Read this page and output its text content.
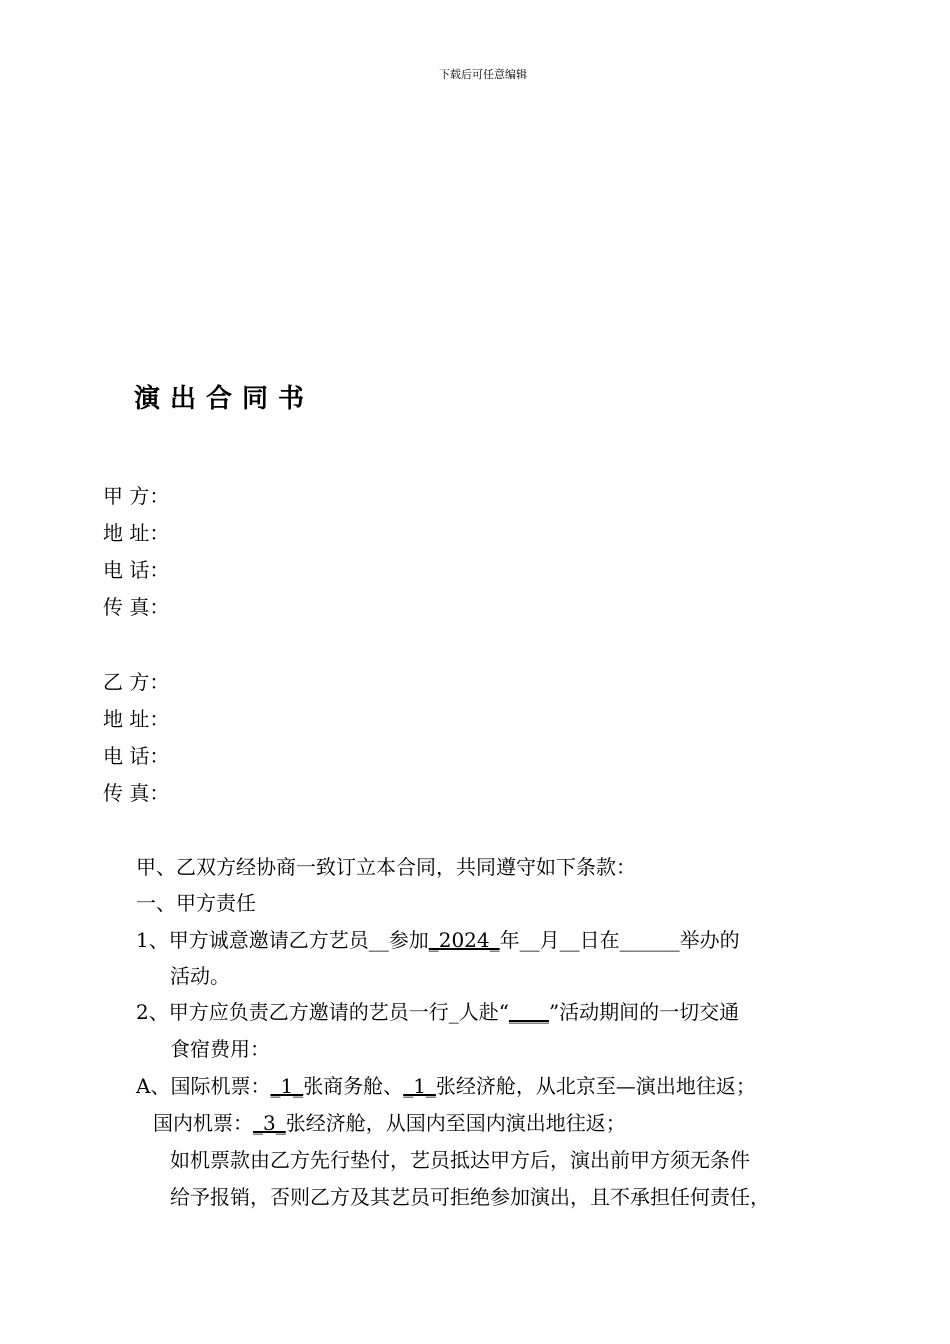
下载后可任意编辑
演出合同书
甲 方：
地 址：
电 话：
传 真：
乙 方：
地 址：
电 话：
传 真：
甲、乙双方经协商一致订立本合同，共同遵守如下条款：
一、甲方责任
1、甲方诚意邀请乙方艺员__参加_2024_年__月__日在______举办的
活动。
2、甲方应负责乙方邀请的艺员一行_人赴“____”活动期间的一切交通
食宿费用：
A、国际机票：_1_张商务舱、_1_张经济舱，从北京至—演出地往返；
国内机票：_3_张经济舱，从国内至国内演出地往返；
如机票款由乙方先行垫付，艺员抵达甲方后，演出前甲方须无条件
给予报销，否则乙方及其艺员可拒绝参加演出，且不承担任何责任，
